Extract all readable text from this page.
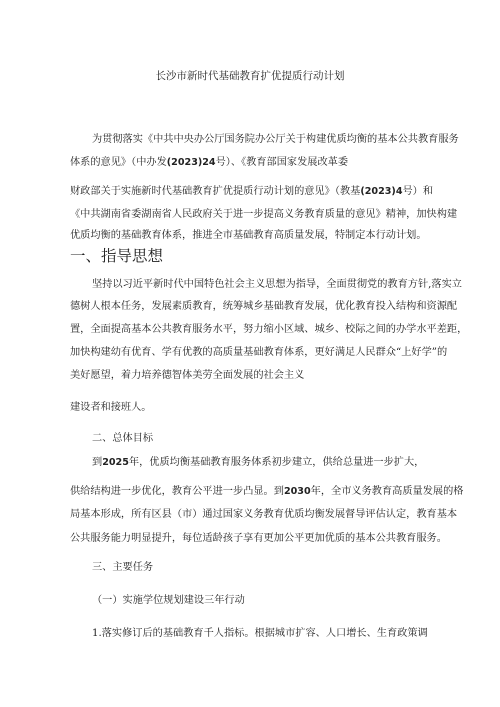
长沙市新时代基础教育扩优提质行动计划
为贯彻落实《中共中央办公厅国务院办公厅关于构建优质均衡的基本公共教育服务
体系的意见》（中办发(2023)24号）、《教育部国家发展改革委
财政部关于实施新时代基础教育扩优提质行动计划的意见》（教基(2023)4号）和
《中共湖南省委湖南省人民政府关于进一步提高义务教育质量的意见》精神，加快构建
优质均衡的基础教育体系，推进全市基础教育高质量发展，特制定本行动计划。
一、指导思想
坚持以习近平新时代中国特色社会主义思想为指导，全面贯彻党的教育方针,落实立
德树人根本任务，发展素质教育，统筹城乡基础教育发展，优化教育投入结构和资源配
置，全面提高基本公共教育服务水平，努力缩小区域、城乡、校际之间的办学水平差距，
加快构建幼有优育、学有优教的高质量基础教育体系，更好满足人民群众“上好学”的
美好愿望，着力培养德智体美劳全面发展的社会主义
建设者和接班人。
二、总体目标
到2025年，优质均衡基础教育服务体系初步建立，供给总量进一步扩大，
供给结构进一步优化，教育公平进一步凸显。到2030年，全市义务教育高质量发展的格
局基本形成，所有区县（市）通过国家义务教育优质均衡发展督导评估认定，教育基本
公共服务能力明显提升，每位适龄孩子享有更加公平更加优质的基本公共教育服务。
三、主要任务
（一）实施学位规划建设三年行动
1.落实修订后的基础教育千人指标。根据城市扩容、人口增长、生育政策调
